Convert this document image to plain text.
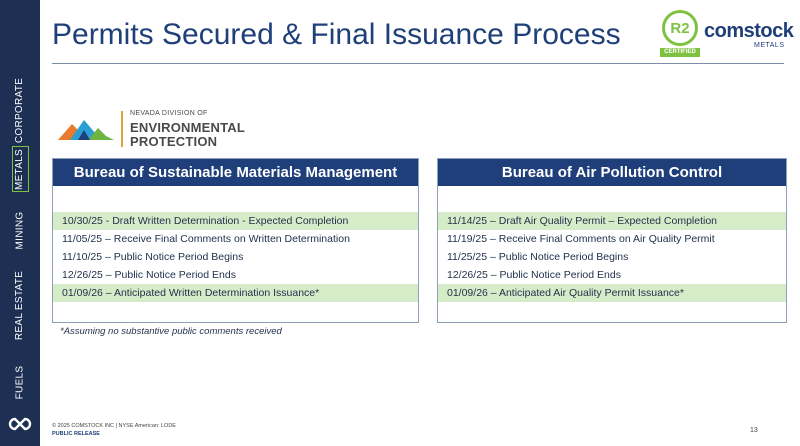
CORPORATE
METALS
MINING
REAL ESTATE
FUELS
Permits Secured & Final Issuance Process	R2
CERTIFIED
comstock
METALS
NEVADA DIVISION OF
ENVIRONMENTAL
PROTECTION
Bureau of Sustainable Materials Management
10/30/25 - Draft Written Determination - Expected Completion
11/05/25 – Receive Final Comments on Written Determination
11/10/25 – Public Notice Period Begins
12/26/25 – Public Notice Period Ends
01/09/26 – Anticipated Written Determination Issuance*
Bureau of Air Pollution Control
11/14/25 – Draft Air Quality Permit – Expected Completion
11/19/25 – Receive Final Comments on Air Quality Permit
11/25/25 – Public Notice Period Begins
12/26/25 – Public Notice Period Ends
01/09/26 – Anticipated Air Quality Permit Issuance*
*Assuming no substantive public comments received
© 2025 COMSTOCK INC | NYSE American: LODE
PUBLIC RELEASE	13
